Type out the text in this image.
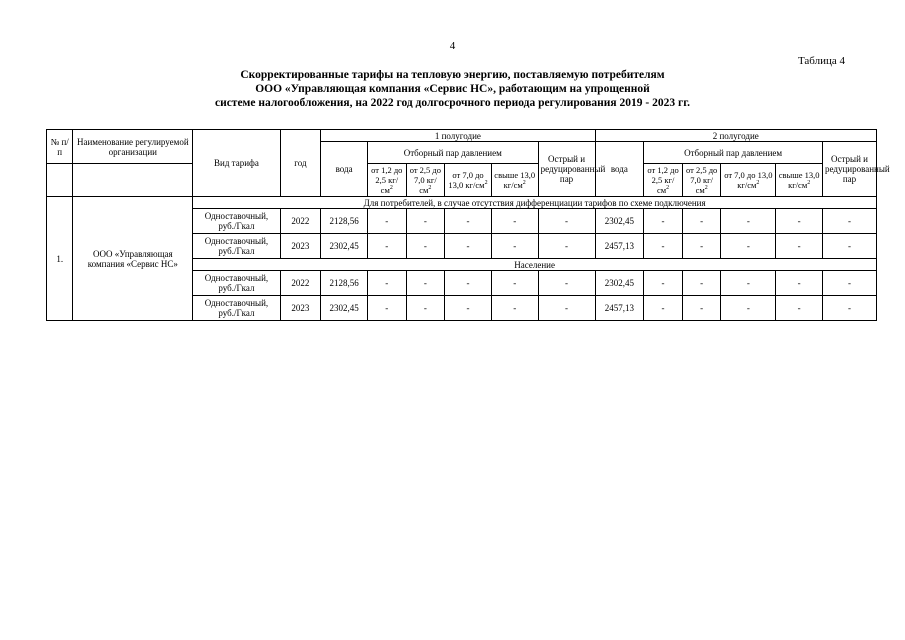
4
Таблица 4
Скорректированные тарифы на тепловую энергию, поставляемую потребителям
ООО «Управляющая компания «Сервис НС», работающим на упрощенной
системе налогообложения, на 2022 год долгосрочного периода регулирования 2019 - 2023 гг.
№ п/п	Наименование регулируемой организации	Вид тарифа	год	1 полугодие						2 полугодие					
				вода	Отборный пар давлением				Острый и редуцированный пар	вода	Отборный пар давлением				Острый и редуцированный пар
					от 1,2 до 2,5 $кг/см^2$	от 2,5 до 7,0 $кг/см^2$	от 7,0 до 13,0 $кг/см^2$	свыше 13,0 $кг/см^2$			от 1,2 до 2,5 $кг/см^2$	от 2,5 до 7,0 $кг/см^2$	от 7,0 до 13,0 $кг/см^2$	свыше 13,0 $кг/см^2$
1.	ООО «Управляющая компания «Сервис НС»	Для потребителей, в случае отсутствия дифференциации тарифов по схеме подключения													
		Одноставочный, руб./Гкал	2022	2128,56	-	-	-	-	-	2302,45	-	-	-	-	-
		Одноставочный, руб./Гкал	2023	2302,45	-	-	-	-	-	2457,13	-	-	-	-	-
		Население													
		Одноставочный, руб./Гкал	2022	2128,56	-	-	-	-	-	2302,45	-	-	-	-	-
		Одноставочный, руб./Гкал	2023	2302,45	-	-	-	-	-	2457,13	-	-	-	-	-
